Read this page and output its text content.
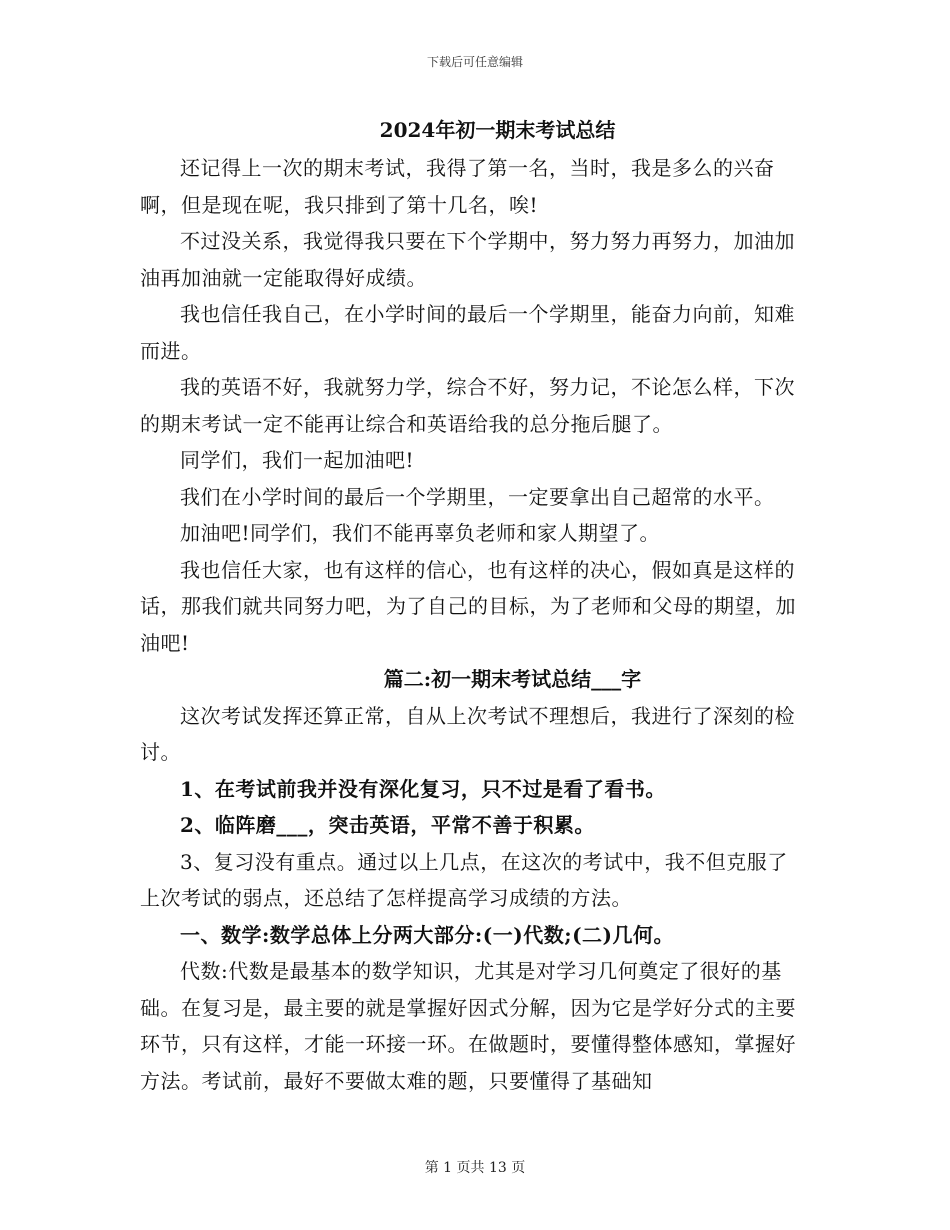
下载后可任意编辑

2024年初一期末考试总结

还记得上一次的期末考试，我得了第一名，当时，我是多么的兴奋啊，但是现在呢，我只排到了第十几名，唉!

不过没关系，我觉得我只要在下个学期中，努力努力再努力，加油加油再加油就一定能取得好成绩。

我也信任我自己，在小学时间的最后一个学期里，能奋力向前，知难而进。

我的英语不好，我就努力学，综合不好，努力记，不论怎么样，下次的期末考试一定不能再让综合和英语给我的总分拖后腿了。

同学们，我们一起加油吧!

我们在小学时间的最后一个学期里，一定要拿出自己超常的水平。

加油吧!同学们，我们不能再辜负老师和家人期望了。

我也信任大家，也有这样的信心，也有这样的决心，假如真是这样的话，那我们就共同努力吧，为了自己的目标，为了老师和父母的期望，加油吧!

篇二:初一期末考试总结___字

这次考试发挥还算正常，自从上次考试不理想后，我进行了深刻的检讨。

1、在考试前我并没有深化复习，只不过是看了看书。

2、临阵磨___，突击英语，平常不善于积累。

3、复习没有重点。通过以上几点，在这次的考试中，我不但克服了上次考试的弱点，还总结了怎样提高学习成绩的方法。

一、数学:数学总体上分两大部分:(一)代数;(二)几何。

代数:代数是最基本的数学知识，尤其是对学习几何奠定了很好的基础。在复习是，最主要的就是掌握好因式分解，因为它是学好分式的主要环节，只有这样，才能一环接一环。在做题时，要懂得整体感知，掌握好方法。考试前，最好不要做太难的题，只要懂得了基础知

第 1 页共 13 页
